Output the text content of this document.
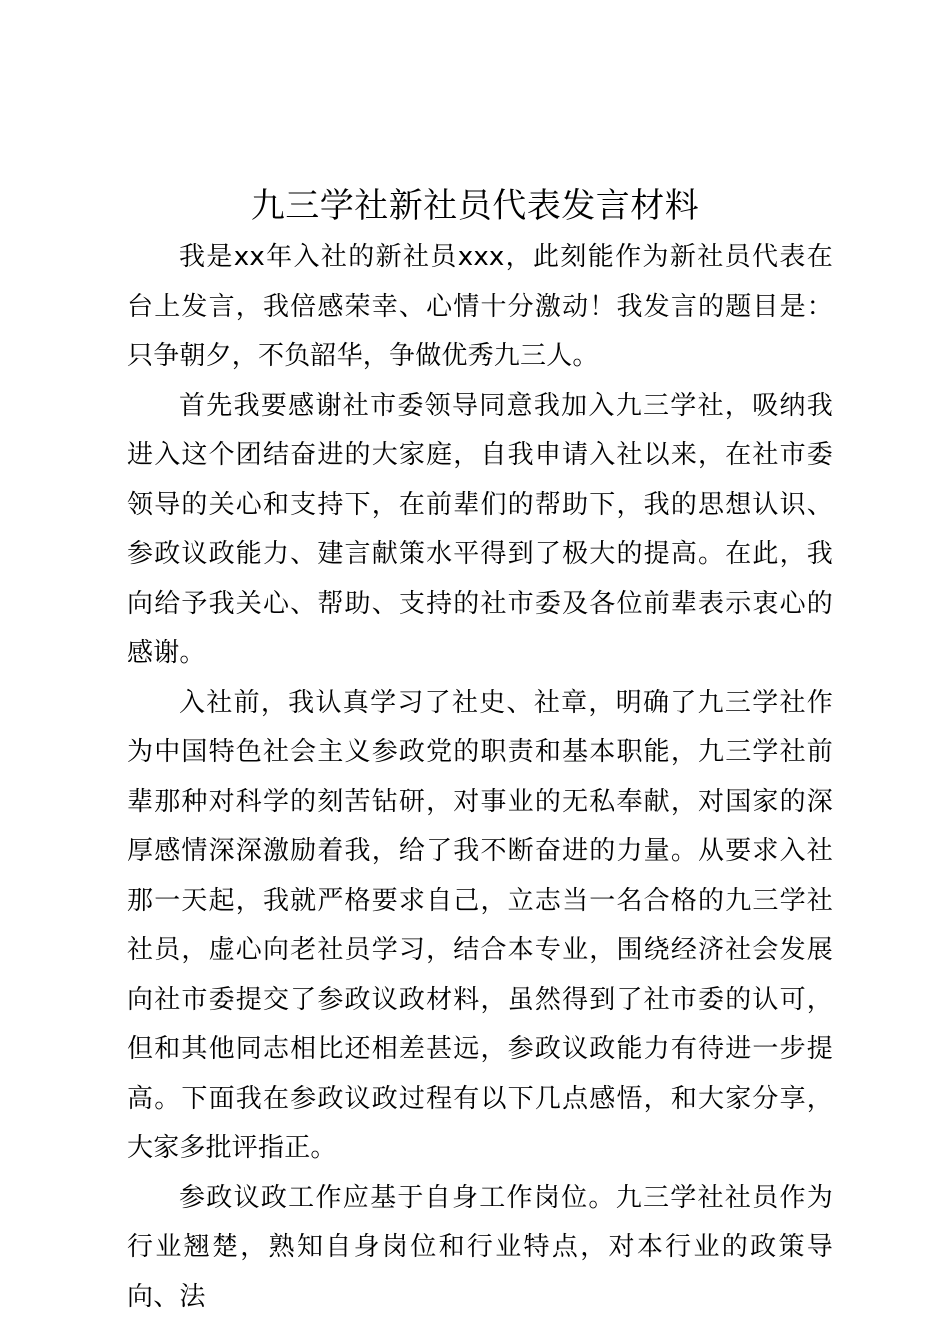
九三学社新社员代表发言材料

我是xx年入社的新社员xxx，此刻能作为新社员代表在台上发言，我倍感荣幸、心情十分激动！我发言的题目是：只争朝夕，不负韶华，争做优秀九三人。

首先我要感谢社市委领导同意我加入九三学社，吸纳我进入这个团结奋进的大家庭，自我申请入社以来，在社市委领导的关心和支持下，在前辈们的帮助下，我的思想认识、参政议政能力、建言献策水平得到了极大的提高。在此，我向给予我关心、帮助、支持的社市委及各位前辈表示衷心的感谢。

入社前，我认真学习了社史、社章，明确了九三学社作为中国特色社会主义参政党的职责和基本职能，九三学社前辈那种对科学的刻苦钻研，对事业的无私奉献，对国家的深厚感情深深激励着我，给了我不断奋进的力量。从要求入社那一天起，我就严格要求自己，立志当一名合格的九三学社社员，虚心向老社员学习，结合本专业，围绕经济社会发展向社市委提交了参政议政材料，虽然得到了社市委的认可，但和其他同志相比还相差甚远，参政议政能力有待进一步提高。下面我在参政议政过程有以下几点感悟，和大家分享，大家多批评指正。

参政议政工作应基于自身工作岗位。九三学社社员作为行业翘楚，熟知自身岗位和行业特点，对本行业的政策导向、法
